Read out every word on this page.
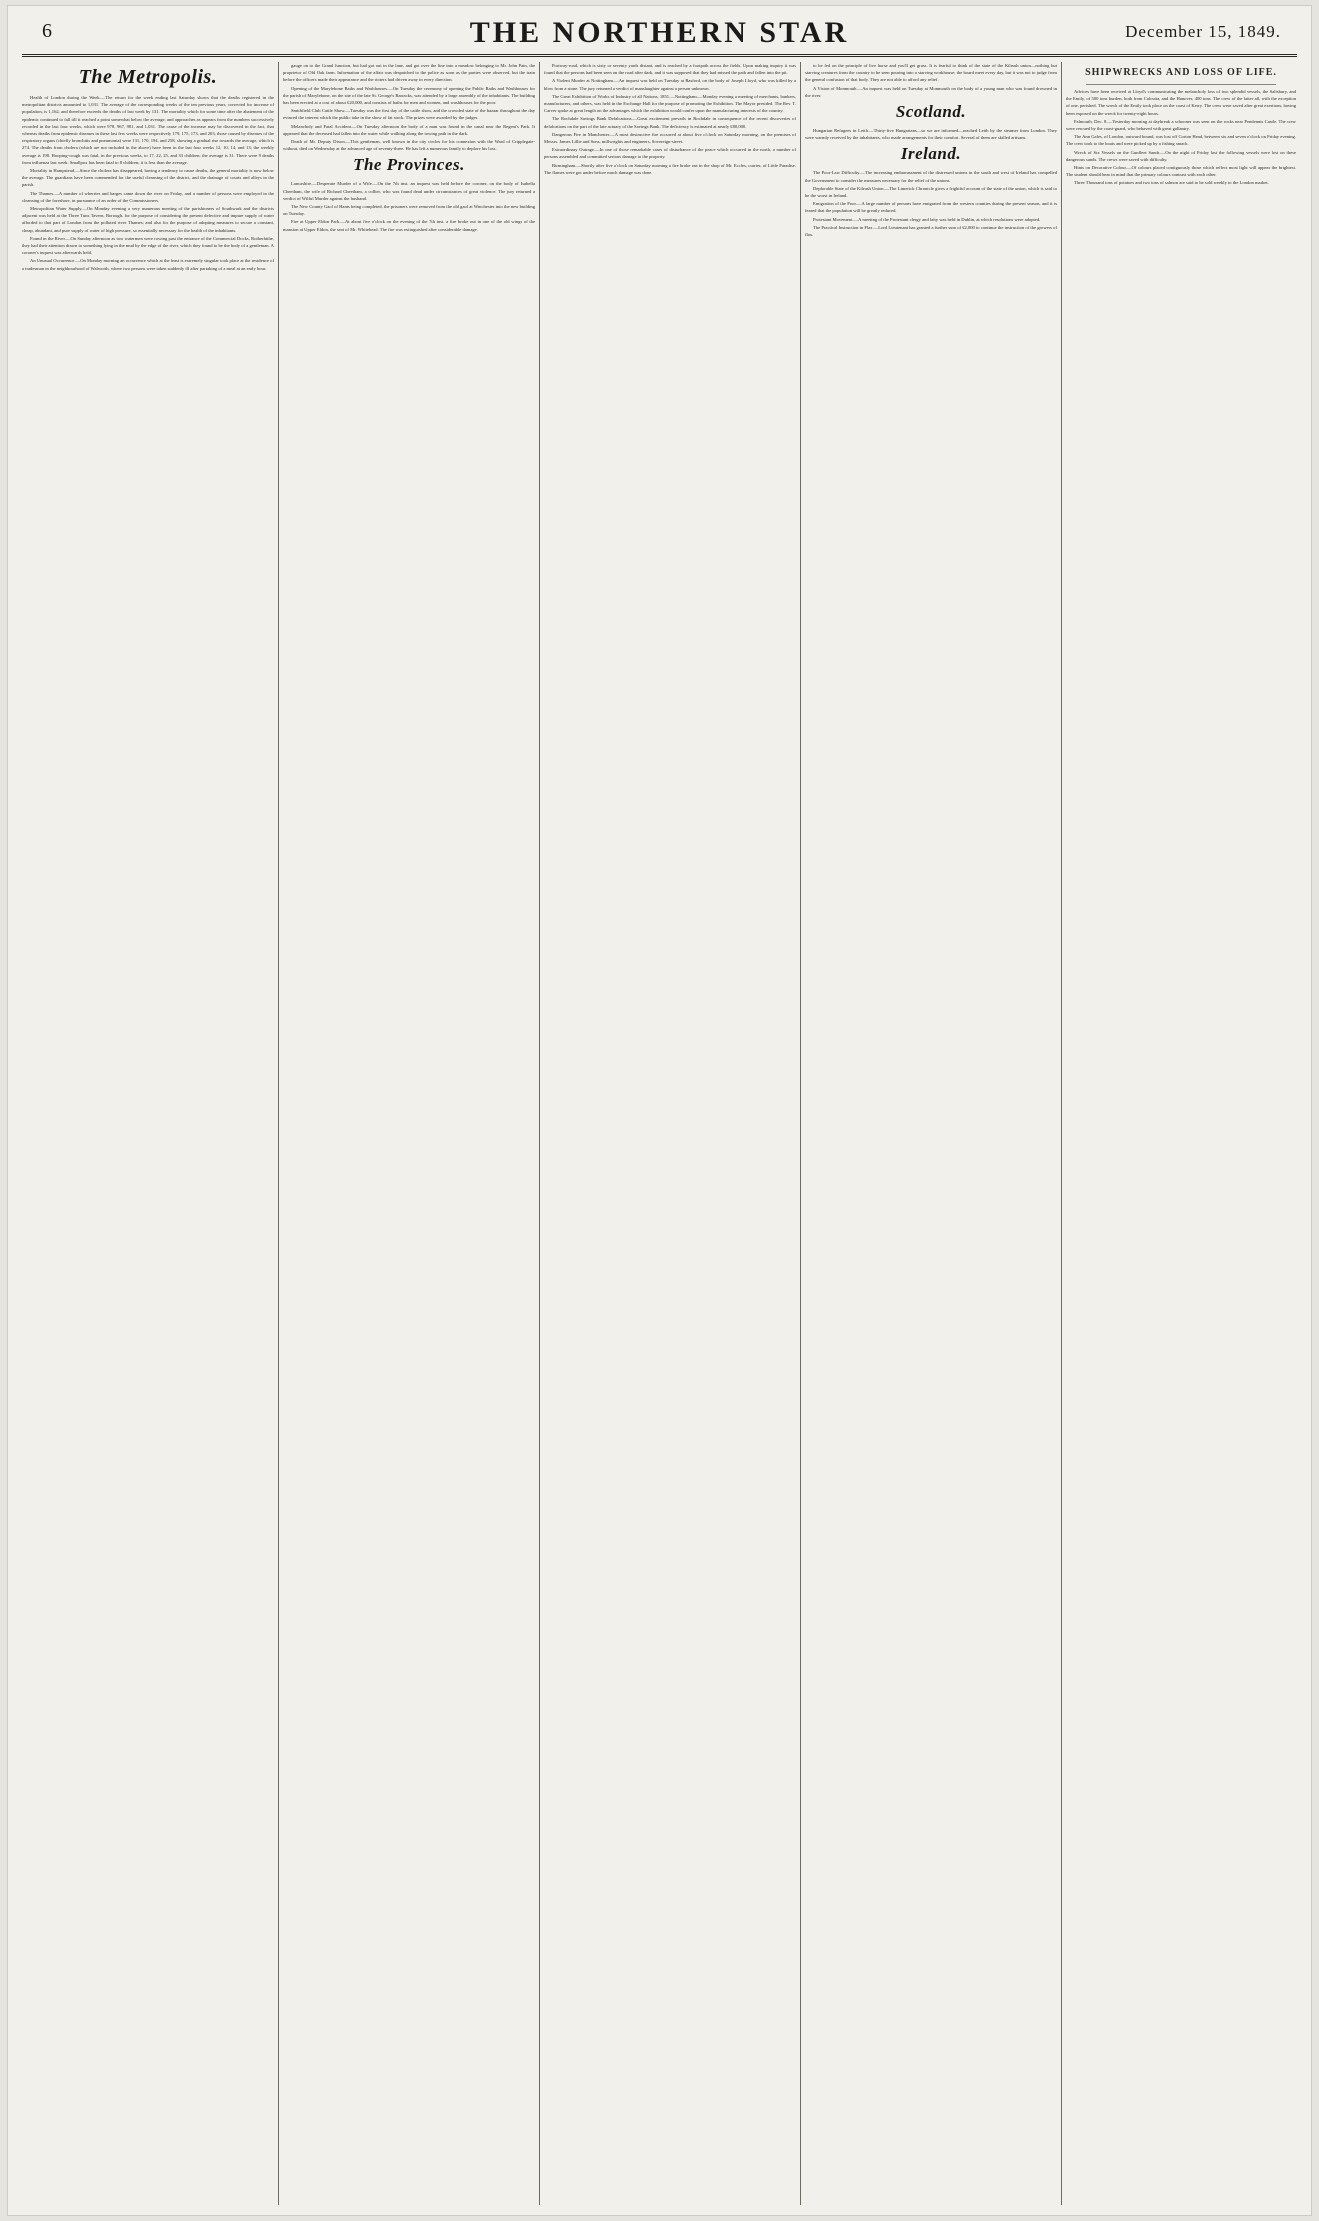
6	THE NORTHERN STAR	December 15, 1849.
The Metropolis.

Health of London during the Week.—The return for the week ending last Saturday shows that the deaths registered in the metropolitan districts amounted to 1,031. The average of the corresponding weeks of the ten previous years, corrected for increase of population, is 1,162, and therefore exceeds the deaths of last week by 131. The mortality which for some time after the abatement of the epidemic continued to fall till it reached a point somewhat below the average, and approaches as appears from the numbers successively recorded in the last four weeks, which were 978, 967, 981, and 1,031. The cause of the increase may be discovered in the fact, that whereas deaths from epidemic diseases in these last few weeks were respectively 179, 175, 173, and 203, those caused by diseases of the respiratory organs (chiefly bronchitis and pneumonia) were 131, 170, 194, and 258, showing a gradual rise towards the average, which is 274. The deaths from cholera (which are not included in the above) have been in the last four weeks 12, 10, 14, and 13; the weekly average is 198. Hooping-cough was fatal, in the previous weeks, to 17, 22, 25, and 33 children; the average is 31. There were 9 deaths from influenza last week. Smallpox has been fatal to 8 children; it is less than the average.

Mortality in Hampstead.—Since the cholera has disappeared, having a tendency to cause deaths, the general mortality is now below the average. The guardians have been commended for the useful cleansing of the district, and the drainage of courts and alleys in the parish.

The Thames.—A number of wherries and barges came down the river on Friday, and a number of persons were employed in the cleansing of the foreshore, in pursuance of an order of the Commissioners.

Metropolitan Water Supply.—On Monday evening a very numerous meeting of the parishioners of Southwark and the districts adjacent was held at the Three Tuns Tavern, Borough, for the purpose of considering the present defective and impure supply of water afforded to that part of London from the polluted river Thames; and also for the purpose of adopting measures to secure a constant, cheap, abundant, and pure supply of water of high pressure, so essentially necessary for the health of the inhabitants.

Found in the River.—On Sunday afternoon as two watermen were rowing past the entrance of the Commercial Docks, Rotherhithe, they had their attention drawn to something lying in the mud by the edge of the river, which they found to be the body of a gentleman. A coroner's inquest was afterwards held.

An Unusual Occurrence.—On Monday morning an occurrence which at the least is extremely singular took place at the residence of a tradesman in the neighbourhood of Walworth, where two persons were taken suddenly ill after partaking of a meal at an early hour.

gauge on to the Grand Junction, but had got out in the lane, and got over the line into a meadow belonging to Mr. John Pain, the proprietor of Old Oak farm. Information of the affair was despatched to the police as soon as the parties were observed, but the train before the officers made their appearance and the rioters had driven away in every direction.

Opening of the Marylebone Baths and Washhouses.—On Tuesday the ceremony of opening the Public Baths and Washhouses for the parish of Marylebone, on the site of the late St. George's Barracks, was attended by a large assembly of the inhabitants. The building has been erected at a cost of about £20,000, and consists of baths for men and women, and washhouses for the poor.

Smithfield Club Cattle Show.—Tuesday was the first day of the cattle show, and the crowded state of the bazaar throughout the day evinced the interest which the public take in the show of fat stock. The prizes were awarded by the judges.

Melancholy and Fatal Accident.—On Tuesday afternoon the body of a man was found in the canal near the Regent's Park. It appeared that the deceased had fallen into the water while walking along the towing path in the dark.

Death of Mr. Deputy Dixon.—This gentleman, well known in the city circles for his connexion with the Ward of Cripplegate-without, died on Wednesday at the advanced age of seventy-three. He has left a numerous family to deplore his loss.

The Provinces.

Lancashire.—Desperate Murder of a Wife.—On the 7th inst. an inquest was held before the coroner, on the body of Isabella Cheetham, the wife of Richard Cheetham, a collier, who was found dead under circumstances of great violence. The jury returned a verdict of Wilful Murder against the husband.

The New County Gaol of Hants being completed, the prisoners were removed from the old gaol at Winchester into the new building on Tuesday.

Fire at Upper Eldon Park.—At about five o'clock on the evening of the 7th inst. a fire broke out in one of the old wings of the mansion at Upper Eldon, the seat of Mr. Whitehead. The fire was extinguished after considerable damage.

Portway-road, which is sixty or seventy yards distant, and is reached by a footpath across the fields. Upon making inquiry it was found that the persons had been seen on the road after dark, and it was supposed that they had missed the path and fallen into the pit.

A Violent Murder at Nottingham.—An inquest was held on Tuesday at Basford, on the body of Joseph Lloyd, who was killed by a blow from a stone. The jury returned a verdict of manslaughter against a person unknown.

The Great Exhibition of Works of Industry of all Nations, 1851.—Nottingham.—Monday evening a meeting of merchants, bankers, manufacturers, and others, was held in the Exchange Hall for the purpose of promoting the Exhibition. The Mayor presided. The Rev. T. Carver spoke at great length on the advantages which the exhibition would confer upon the manufacturing interests of the country.

The Rochdale Savings Bank Defalcations.—Great excitement prevails in Rochdale in consequence of the recent discoveries of defalcations on the part of the late actuary of the Savings Bank. The deficiency is estimated at nearly £80,000.

Dangerous Fire in Manchester.—A most destructive fire occurred at about five o'clock on Saturday morning, on the premises of Messrs. James Lillie and Sons, millwrights and engineers, Sovereign-street.

Extraordinary Outrage.—In one of those remarkable cases of disturbance of the peace which occurred in the north, a number of persons assembled and committed serious damage to the property.

Birmingham.—Shortly after five o'clock on Saturday morning a fire broke out in the shop of Mr. Eccles, currier, of Little Paradise. The flames were got under before much damage was done.

to be fed on the principle of live horse and you'll get grass. It is fearful to think of the state of the Kilrush union—nothing but starving creatures from the country to be seen pouring into a starving workhouse; the board meet every day, but it was not to judge from the general confusion of that body. They are not able to afford any relief.

A Vision of Monmouth.—An inquest was held on Tuesday at Monmouth on the body of a young man who was found drowned in the river.

Scotland.

Hungarian Refugees in Leith.—Thirty-five Hungarians—so we are informed—reached Leith by the steamer from London. They were warmly received by the inhabitants, who made arrangements for their comfort. Several of them are skilled artisans.

Ireland.

The Poor-Law Difficulty.—The increasing embarrassment of the distressed unions in the south and west of Ireland has compelled the Government to consider the measures necessary for the relief of the unions.

Deplorable State of the Kilrush Union.—The Limerick Chronicle gives a frightful account of the state of the union, which is said to be the worst in Ireland.

Emigration of the Poor.—A large number of persons have emigrated from the western counties during the present season, and it is feared that the population will be greatly reduced.

Protestant Movement.—A meeting of the Protestant clergy and laity was held in Dublin, at which resolutions were adopted.

The Practical Instruction in Flax.—Lord Lieutenant has granted a further sum of £2,000 to continue the instruction of the growers of flax.

SHIPWRECKS AND LOSS OF LIFE.

Advices have been received at Lloyd's communicating the melancholy loss of two splendid vessels, the Salisbury, and the Emily, of 500 tons burden, both from Calcutta, and the Hanover, 400 tons. The crew of the latter all, with the exception of one, perished. The wreck of the Emily took place on the coast of Kerry. The crew were saved after great exertions, having been exposed on the wreck for twenty-eight hours.

Falmouth, Dec. 8.—Yesterday morning at daybreak a schooner was seen on the rocks near Pendennis Castle. The crew were rescued by the coast-guard, who behaved with great gallantry.

The Ann Gales, of London, outward bound, was lost off Corton Head, between six and seven o'clock on Friday evening. The crew took to the boats and were picked up by a fishing smack.

Wreck of Six Vessels on the Gunfleet Sands.—On the night of Friday last the following vessels were lost on these dangerous sands. The crews were saved with difficulty.

Hints on Decorative Colour.—Of colours placed contiguously those which reflect most light will appear the brightest. The student should bear in mind that the primary colours contrast with each other.

Three Thousand tons of potatoes and two tons of salmon are said to be sold weekly to the London market.
